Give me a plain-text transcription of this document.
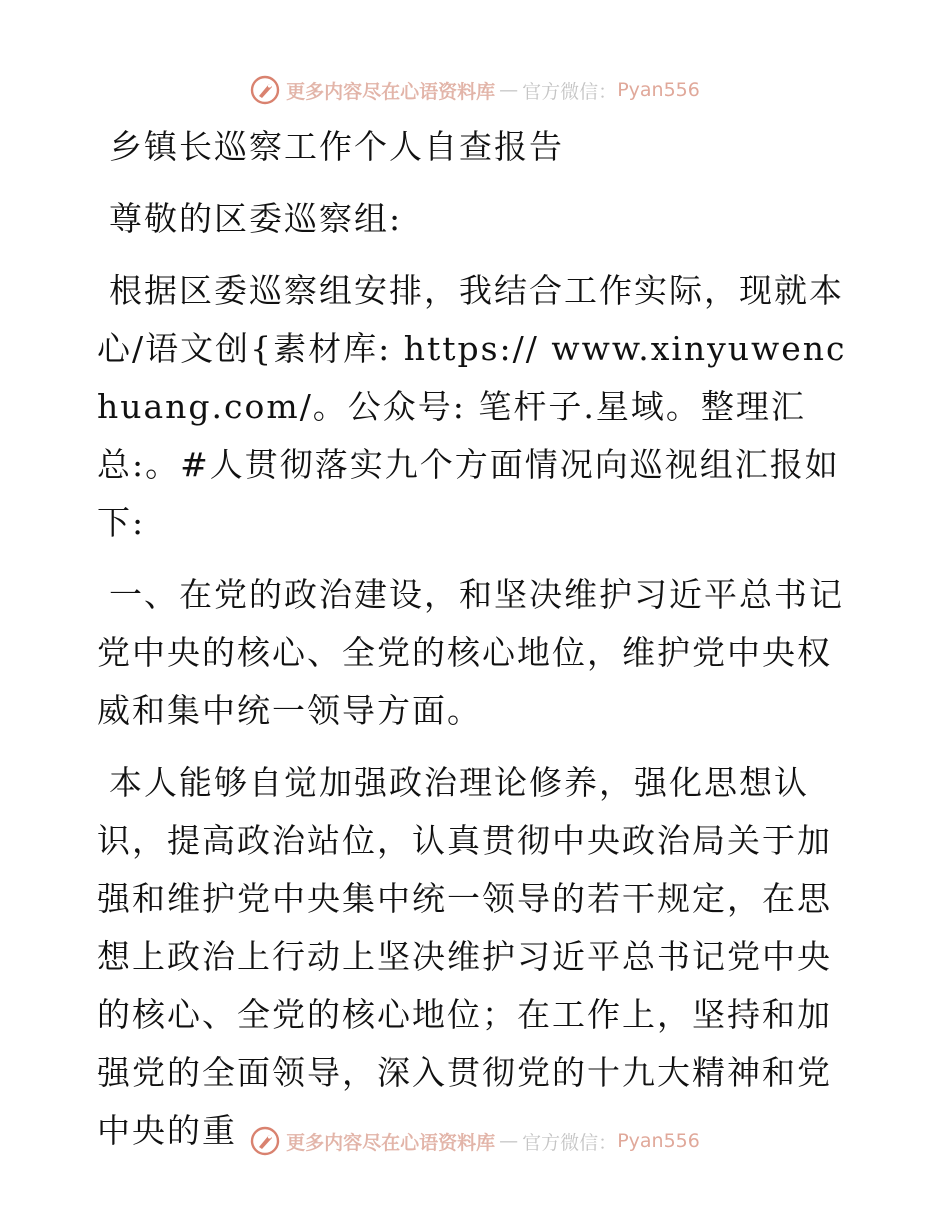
更多内容尽在心语资料库 — 官方微信： Pyan556

乡镇长巡察工作个人自查报告

尊敬的区委巡察组:

根据区委巡察组安排，我结合工作实际，现就本心/语文创{素材库: https:// www.xinyuwenchuang.com/。公众号: 笔杆子.星域。整理汇总:。#人贯彻落实九个方面情况向巡视组汇报如下:

一、在党的政治建设，和坚决维护习近平总书记党中央的核心、全党的核心地位，维护党中央权威和集中统一领导方面。

本人能够自觉加强政治理论修养，强化思想认识，提高政治站位，认真贯彻中央政治局关于加强和维护党中央集中统一领导的若干规定，在思想上政治上行动上坚决维护习近平总书记党中央的核心、全党的核心地位；在工作上，坚持和加强党的全面领导，深入贯彻党的十九大精神和党中央的重	更多内容尽在心语资料库 — 官方微信： Pyan556
